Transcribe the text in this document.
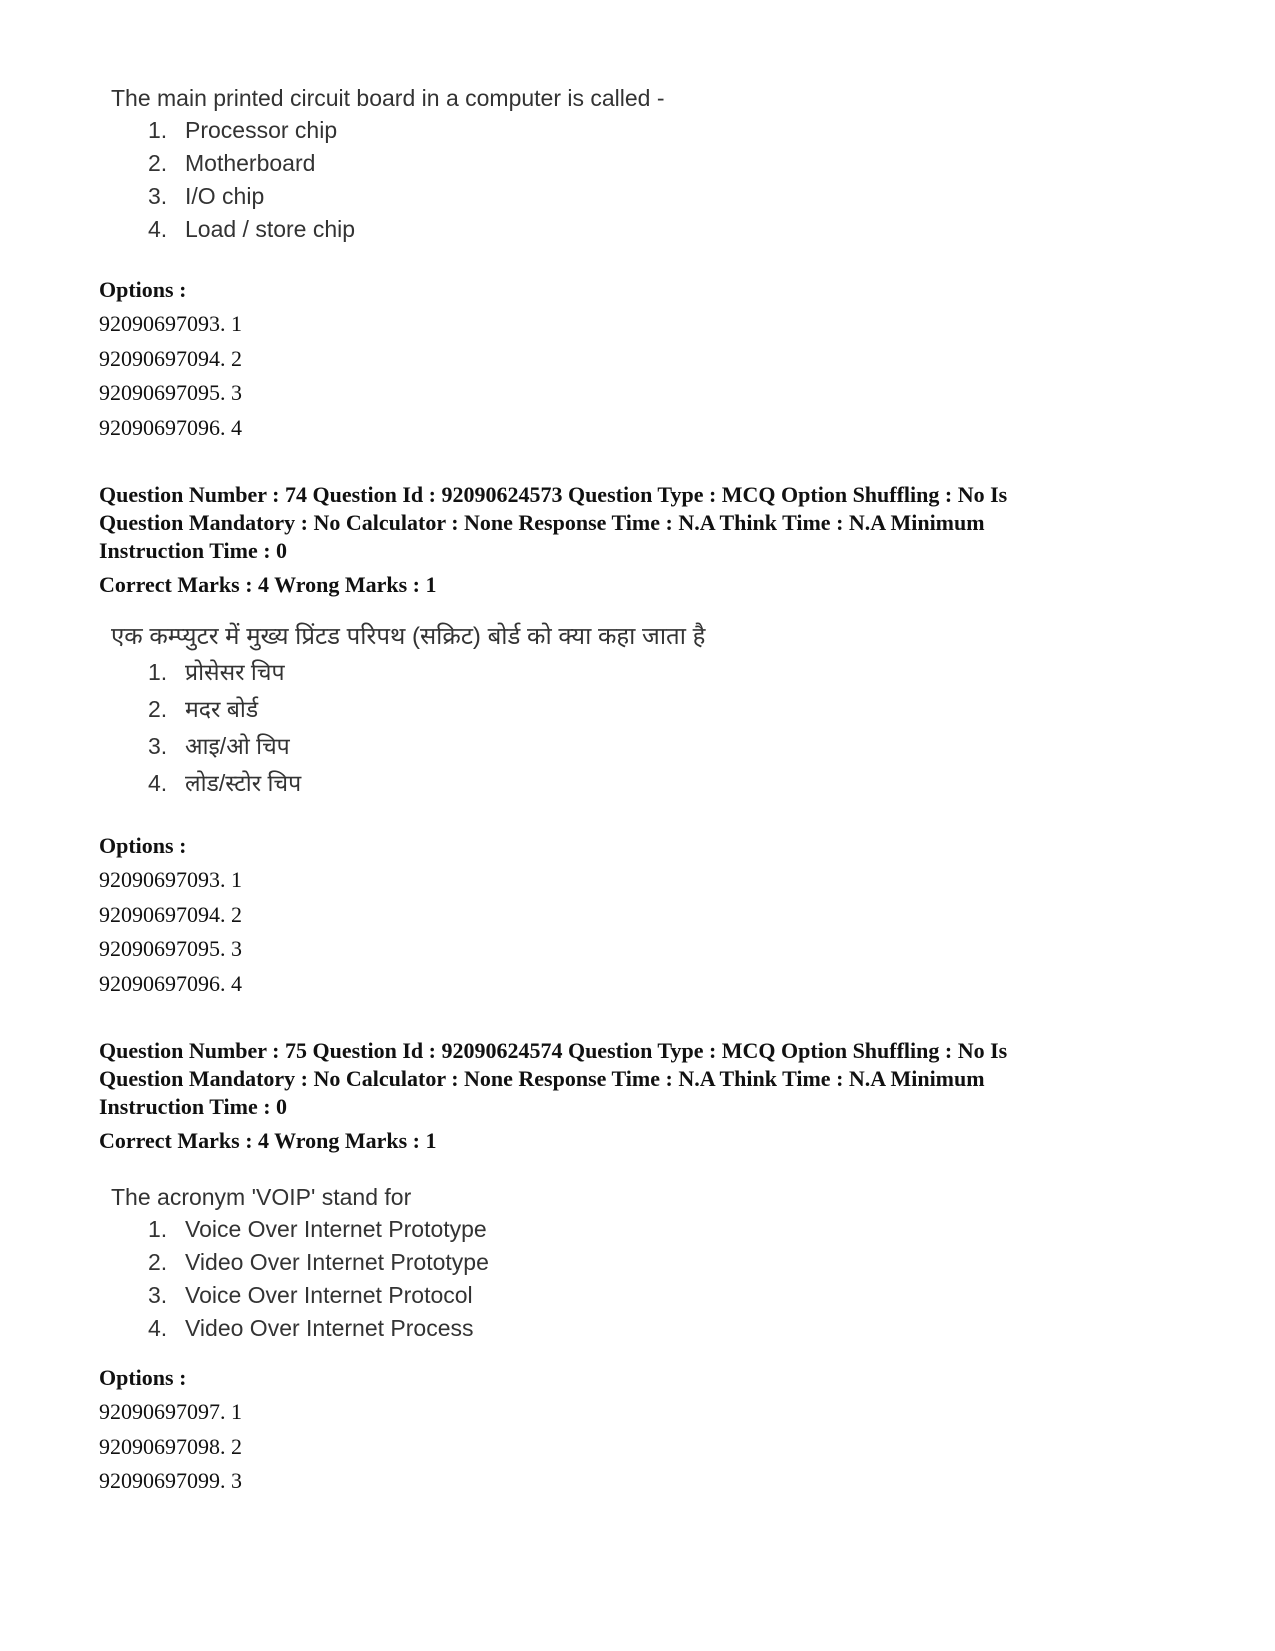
The main printed circuit board in a computer is called -

1. Processor chip
2. Motherboard
3. I/O chip
4. Load / store chip
Options :
92090697093. 1
92090697094. 2
92090697095. 3
92090697096. 4
Question Number : 74 Question Id : 92090624573 Question Type : MCQ Option Shuffling : No Is
Question Mandatory : No Calculator : None Response Time : N.A Think Time : N.A Minimum
Instruction Time : 0
Correct Marks : 4 Wrong Marks : 1

एक कम्प्युटर में मुख्य प्रिंटड परिपथ (सक्रिट) बोर्ड को क्या कहा जाता है

1. प्रोसेसर चिप
2. मदर बोर्ड
3. आइ/ओ चिप
4. लोड/स्टोर चिप
Options :
92090697093. 1
92090697094. 2
92090697095. 3
92090697096. 4
Question Number : 75 Question Id : 92090624574 Question Type : MCQ Option Shuffling : No Is
Question Mandatory : No Calculator : None Response Time : N.A Think Time : N.A Minimum
Instruction Time : 0
Correct Marks : 4 Wrong Marks : 1

The acronym 'VOIP' stand for

1. Voice Over Internet Prototype
2. Video Over Internet Prototype
3. Voice Over Internet Protocol
4. Video Over Internet Process
Options :
92090697097. 1
92090697098. 2
92090697099. 3
